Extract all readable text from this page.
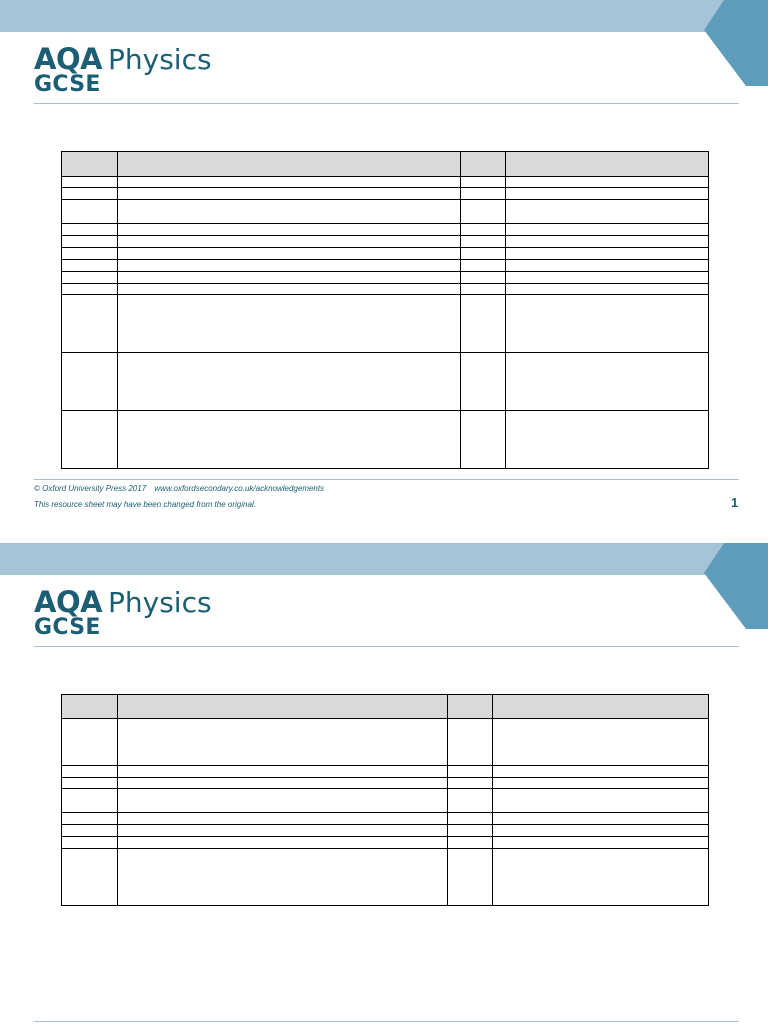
AQA Physics
GCSE

© Oxford University Press 2017 www.oxfordsecondary.co.uk/acknowledgements
This resource sheet may have been changed from the original.	1
AQA Physics
GCSE
